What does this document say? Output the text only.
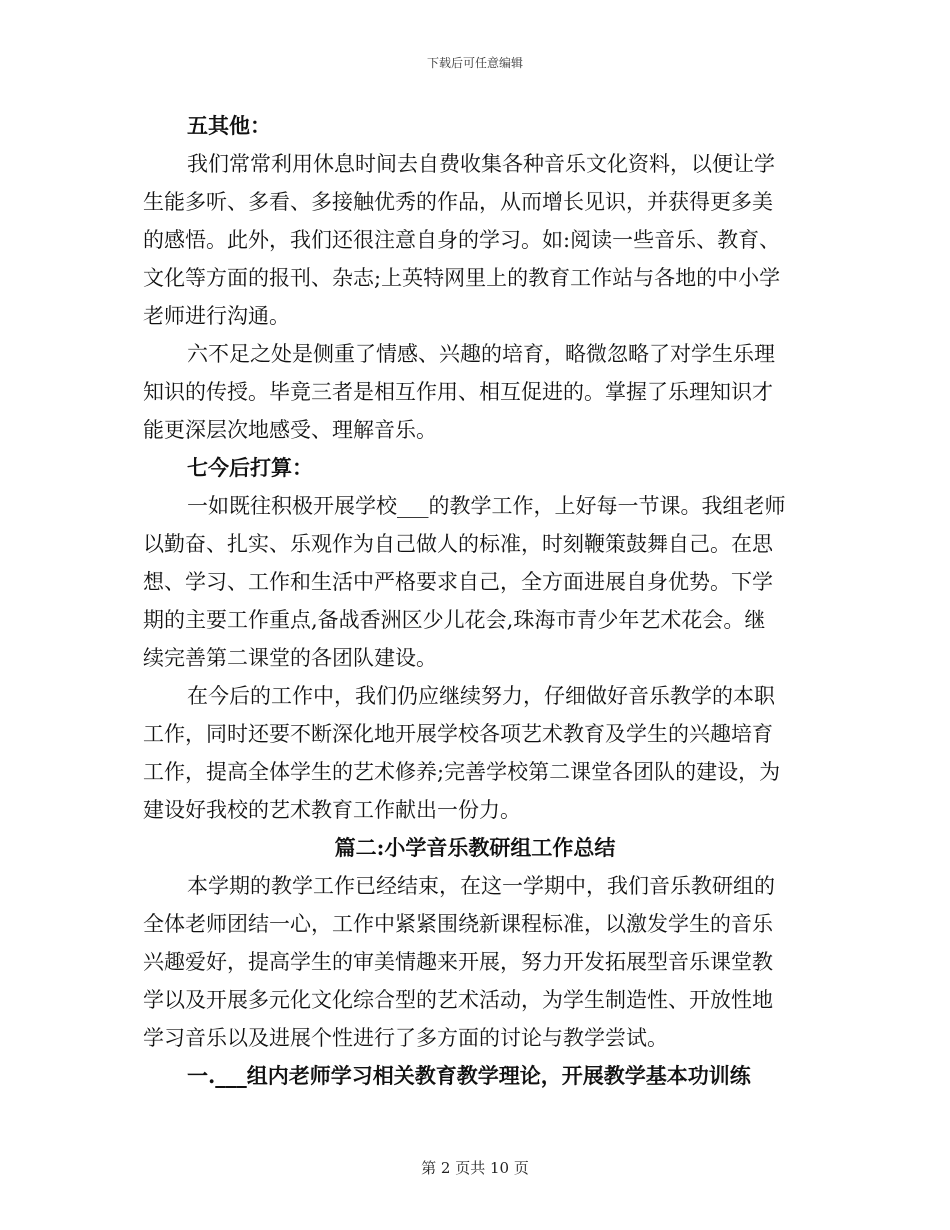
下载后可任意编辑
五其他：
我们常常利用休息时间去自费收集各种音乐文化资料，以便让学
生能多听、多看、多接触优秀的作品，从而增长见识，并获得更多美
的感悟。此外，我们还很注意自身的学习。如:阅读一些音乐、教育、
文化等方面的报刊、杂志;上英特网里上的教育工作站与各地的中小学
老师进行沟通。
六不足之处是侧重了情感、兴趣的培育，略微忽略了对学生乐理
知识的传授。毕竟三者是相互作用、相互促进的。掌握了乐理知识才
能更深层次地感受、理解音乐。
七今后打算：
一如既往积极开展学校___的教学工作，上好每一节课。我组老师
以勤奋、扎实、乐观作为自己做人的标准，时刻鞭策鼓舞自己。在思
想、学习、工作和生活中严格要求自己，全方面进展自身优势。下学
期的主要工作重点,备战香洲区少儿花会,珠海市青少年艺术花会。继
续完善第二课堂的各团队建设。
在今后的工作中，我们仍应继续努力，仔细做好音乐教学的本职
工作，同时还要不断深化地开展学校各项艺术教育及学生的兴趣培育
工作，提高全体学生的艺术修养;完善学校第二课堂各团队的建设，为
建设好我校的艺术教育工作献出一份力。
篇二:小学音乐教研组工作总结
本学期的教学工作已经结束，在这一学期中，我们音乐教研组的
全体老师团结一心，工作中紧紧围绕新课程标准，以激发学生的音乐
兴趣爱好，提高学生的审美情趣来开展，努力开发拓展型音乐课堂教
学以及开展多元化文化综合型的艺术活动，为学生制造性、开放性地
学习音乐以及进展个性进行了多方面的讨论与教学尝试。
一.___组内老师学习相关教育教学理论，开展教学基本功训练
第 2 页共 10 页
